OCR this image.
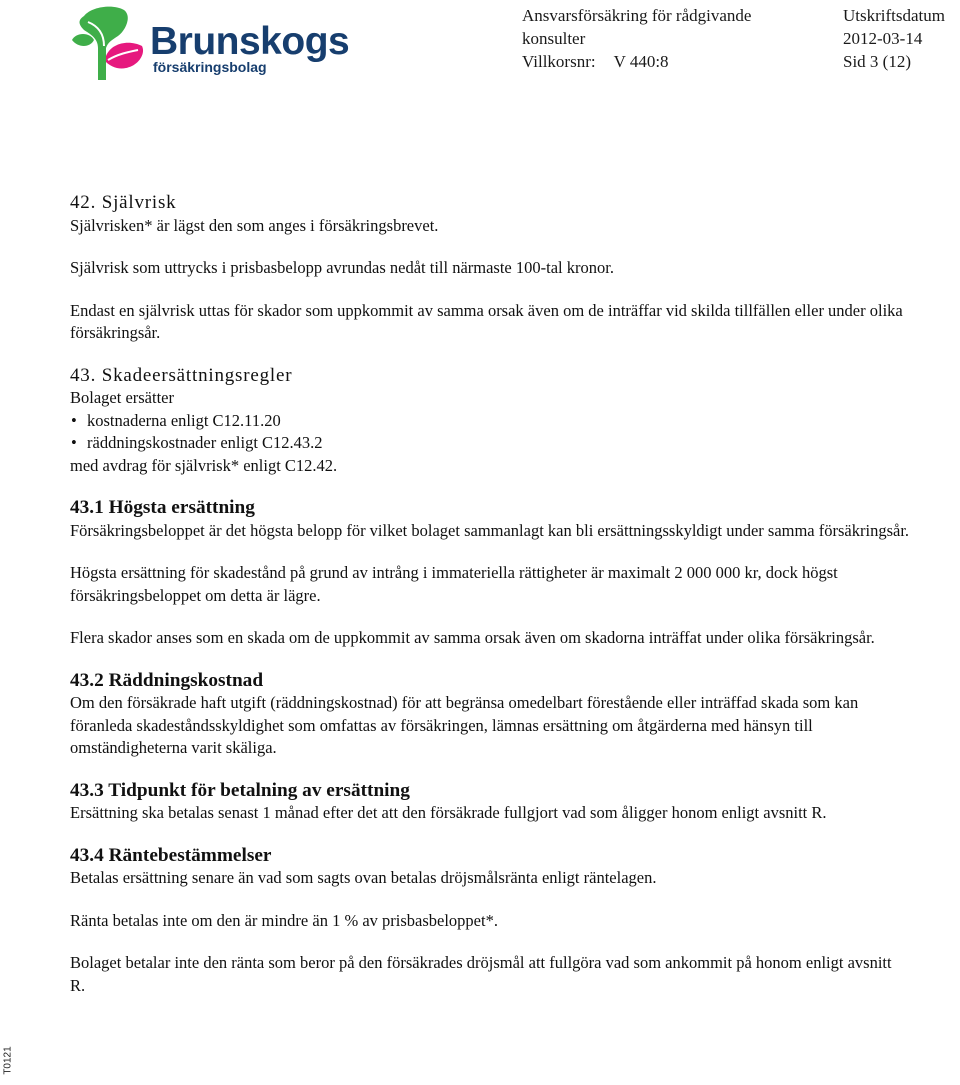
Brunskogs
försäkringsbolag
Ansvarsförsäkring för rådgivande
konsulter
Villkorsnr: V 440:8
Utskriftsdatum
2012-03-14
Sid 3 (12)
42. Självrisk

Självrisken* är lägst den som anges i försäkringsbrevet.

Självrisk som uttrycks i prisbasbelopp avrundas nedåt till närmaste 100-tal kronor.

Endast en självrisk uttas för skador som uppkommit av samma orsak även om de inträffar vid skilda tillfällen eller under olika försäkringsår.

43. Skadeersättningsregler

Bolaget ersätter

• kostnaderna enligt C12.11.20
• räddningskostnader enligt C12.43.2

med avdrag för självrisk* enligt C12.42.

43.1 Högsta ersättning

Försäkringsbeloppet är det högsta belopp för vilket bolaget sammanlagt kan bli ersättningsskyldigt under samma försäkringsår.

Högsta ersättning för skadestånd på grund av intrång i immateriella rättigheter är maximalt 2 000 000 kr, dock högst försäkringsbeloppet om detta är lägre.

Flera skador anses som en skada om de uppkommit av samma orsak även om skadorna inträffat under olika försäkringsår.

43.2 Räddningskostnad

Om den försäkrade haft utgift (räddningskostnad) för att begränsa omedelbart förestående eller inträffad skada som kan föranleda skadeståndsskyldighet som omfattas av försäkringen, lämnas ersättning om åtgärderna med hänsyn till omständigheterna varit skäliga.

43.3 Tidpunkt för betalning av ersättning

Ersättning ska betalas senast 1 månad efter det att den försäkrade fullgjort vad som åligger honom enligt avsnitt R.

43.4 Räntebestämmelser

Betalas ersättning senare än vad som sagts ovan betalas dröjsmålsränta enligt räntelagen.

Ränta betalas inte om den är mindre än 1 % av prisbasbeloppet*.

Bolaget betalar inte den ränta som beror på den försäkrades dröjsmål att fullgöra vad som ankommit på honom enligt avsnitt R.

T0121
